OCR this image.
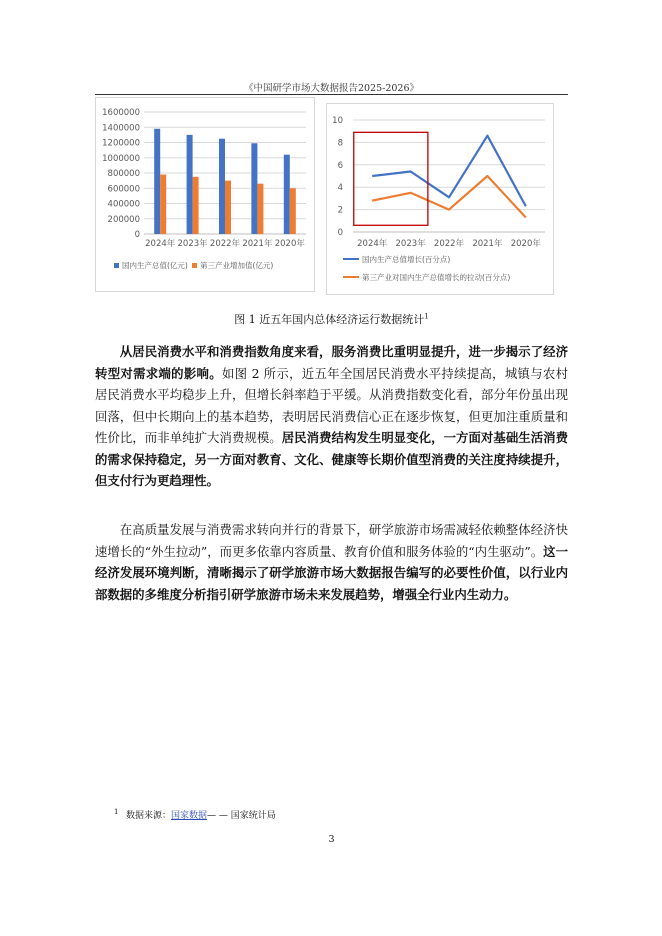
《中国研学市场大数据报告2025-2026》
0
200000
400000
600000
800000
1000000
1200000
1400000
1600000
2024年 2023年 2022年 2021年 2020年
国内生产总值(亿元) 第三产业增加值(亿元)
0
2
4
6
8
10
2024年 2023年 2022年 2021年 2020年
国内生产总值增长(百分点)
第三产业对国内生产总值增长的拉动(百分点)
图 1 近五年国内总体经济运行数据统计$^1$

从居民消费水平和消费指数角度来看，服务消费比重明显提升，进一步揭示了经济转型对需求端的影响。如图 2 所示，近五年全国居民消费水平持续提高，城镇与农村居民消费水平均稳步上升，但增长斜率趋于平缓。从消费指数变化看，部分年份虽出现回落，但中长期向上的基本趋势，表明居民消费信心正在逐步恢复，但更加注重质量和性价比，而非单纯扩大消费规模。居民消费结构发生明显变化，一方面对基础生活消费的需求保持稳定，另一方面对教育、文化、健康等长期价值型消费的关注度持续提升，但支付行为更趋理性。

在高质量发展与消费需求转向并行的背景下，研学旅游市场需减轻依赖整体经济快速增长的“外生拉动”，而更多依靠内容质量、教育价值和服务体验的“内生驱动”。这一经济发展环境判断，清晰揭示了研学旅游市场大数据报告编写的必要性价值，以行业内部数据的多维度分析指引研学旅游市场未来发展趋势，增强全行业内生动力。

1 数据来源：国家数据— — 国家统计局
3
